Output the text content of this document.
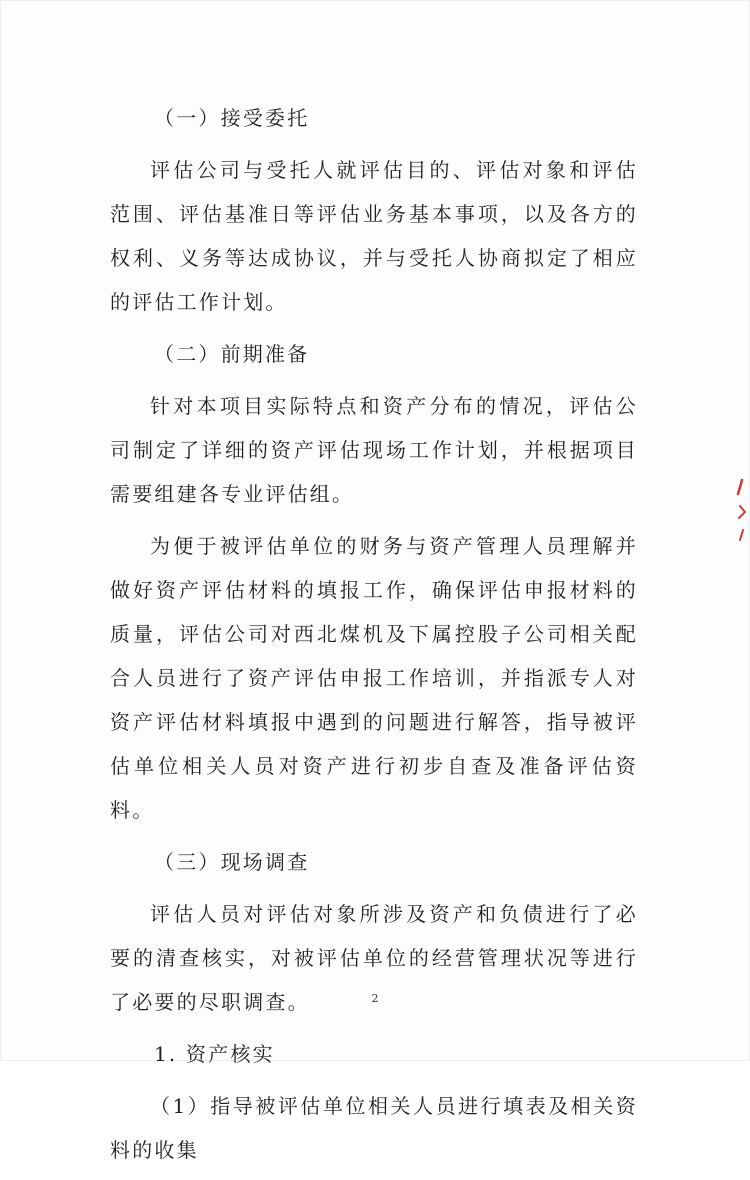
（一）接受委托

评估公司与受托人就评估目的、评估对象和评估范围、评估基准日等评估业务基本事项，以及各方的权利、义务等达成协议，并与受托人协商拟定了相应的评估工作计划。

（二）前期准备

针对本项目实际特点和资产分布的情况，评估公司制定了详细的资产评估现场工作计划，并根据项目需要组建各专业评估组。

为便于被评估单位的财务与资产管理人员理解并做好资产评估材料的填报工作，确保评估申报材料的质量，评估公司对西北煤机及下属控股子公司相关配合人员进行了资产评估申报工作培训，并指派专人对资产评估材料填报中遇到的问题进行解答，指导被评估单位相关人员对资产进行初步自查及准备评估资料。

（三）现场调查

评估人员对评估对象所涉及资产和负债进行了必要的清查核实，对被评估单位的经营管理状况等进行了必要的尽职调查。

1. 资产核实

（1）指导被评估单位相关人员进行填表及相关资料的收集

2
